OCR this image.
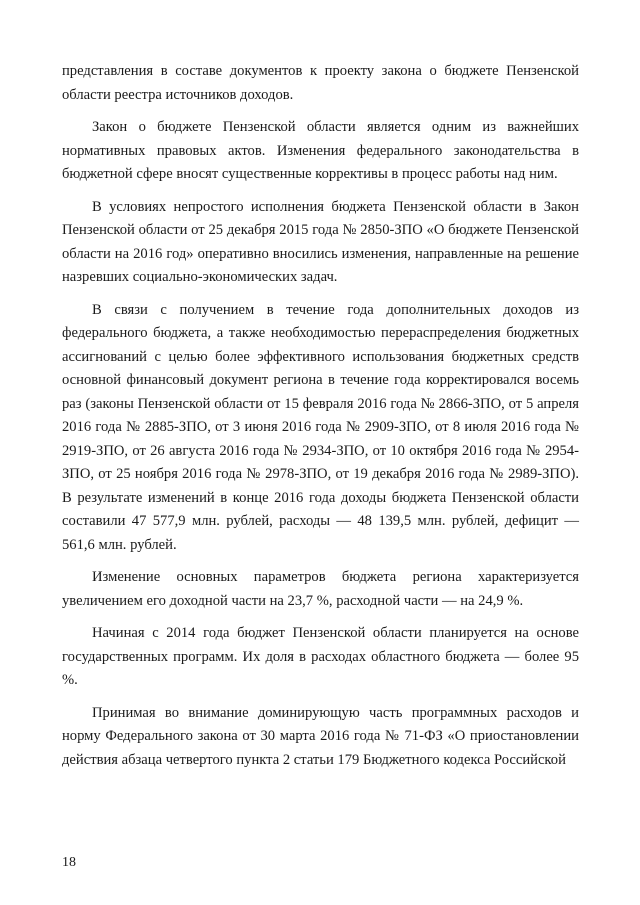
представления в составе документов к проекту закона о бюджете Пензенской области реестра источников доходов.

Закон о бюджете Пензенской области является одним из важнейших нормативных правовых актов. Изменения федерального законодательства в бюджетной сфере вносят существенные коррективы в процесс работы над ним.

В условиях непростого исполнения бюджета Пензенской области в Закон Пензенской области от 25 декабря 2015 года № 2850-ЗПО «О бюджете Пензенской области на 2016 год» оперативно вносились изменения, направленные на решение назревших социально-экономических задач.

В связи с получением в течение года дополнительных доходов из федерального бюджета, а также необходимостью перераспределения бюджетных ассигнований с целью более эффективного использования бюджетных средств основной финансовый документ региона в течение года корректировался восемь раз (законы Пензенской области от 15 февраля 2016 года № 2866-ЗПО, от 5 апреля 2016 года № 2885-ЗПО, от 3 июня 2016 года № 2909-ЗПО, от 8 июля 2016 года № 2919-ЗПО, от 26 августа 2016 года № 2934-ЗПО, от 10 октября 2016 года № 2954-ЗПО, от 25 ноября 2016 года № 2978-ЗПО, от 19 декабря 2016 года № 2989-ЗПО). В результате изменений в конце 2016 года доходы бюджета Пензенской области составили 47 577,9 млн. рублей, расходы — 48 139,5 млн. рублей, дефицит — 561,6 млн. рублей.

Изменение основных параметров бюджета региона характеризуется увеличением его доходной части на 23,7 %, расходной части — на 24,9 %.

Начиная с 2014 года бюджет Пензенской области планируется на основе государственных программ. Их доля в расходах областного бюджета — более 95 %.

Принимая во внимание доминирующую часть программных расходов и норму Федерального закона от 30 марта 2016 года № 71-ФЗ «О приостановлении действия абзаца четвертого пункта 2 статьи 179 Бюджетного кодекса Российской

18
